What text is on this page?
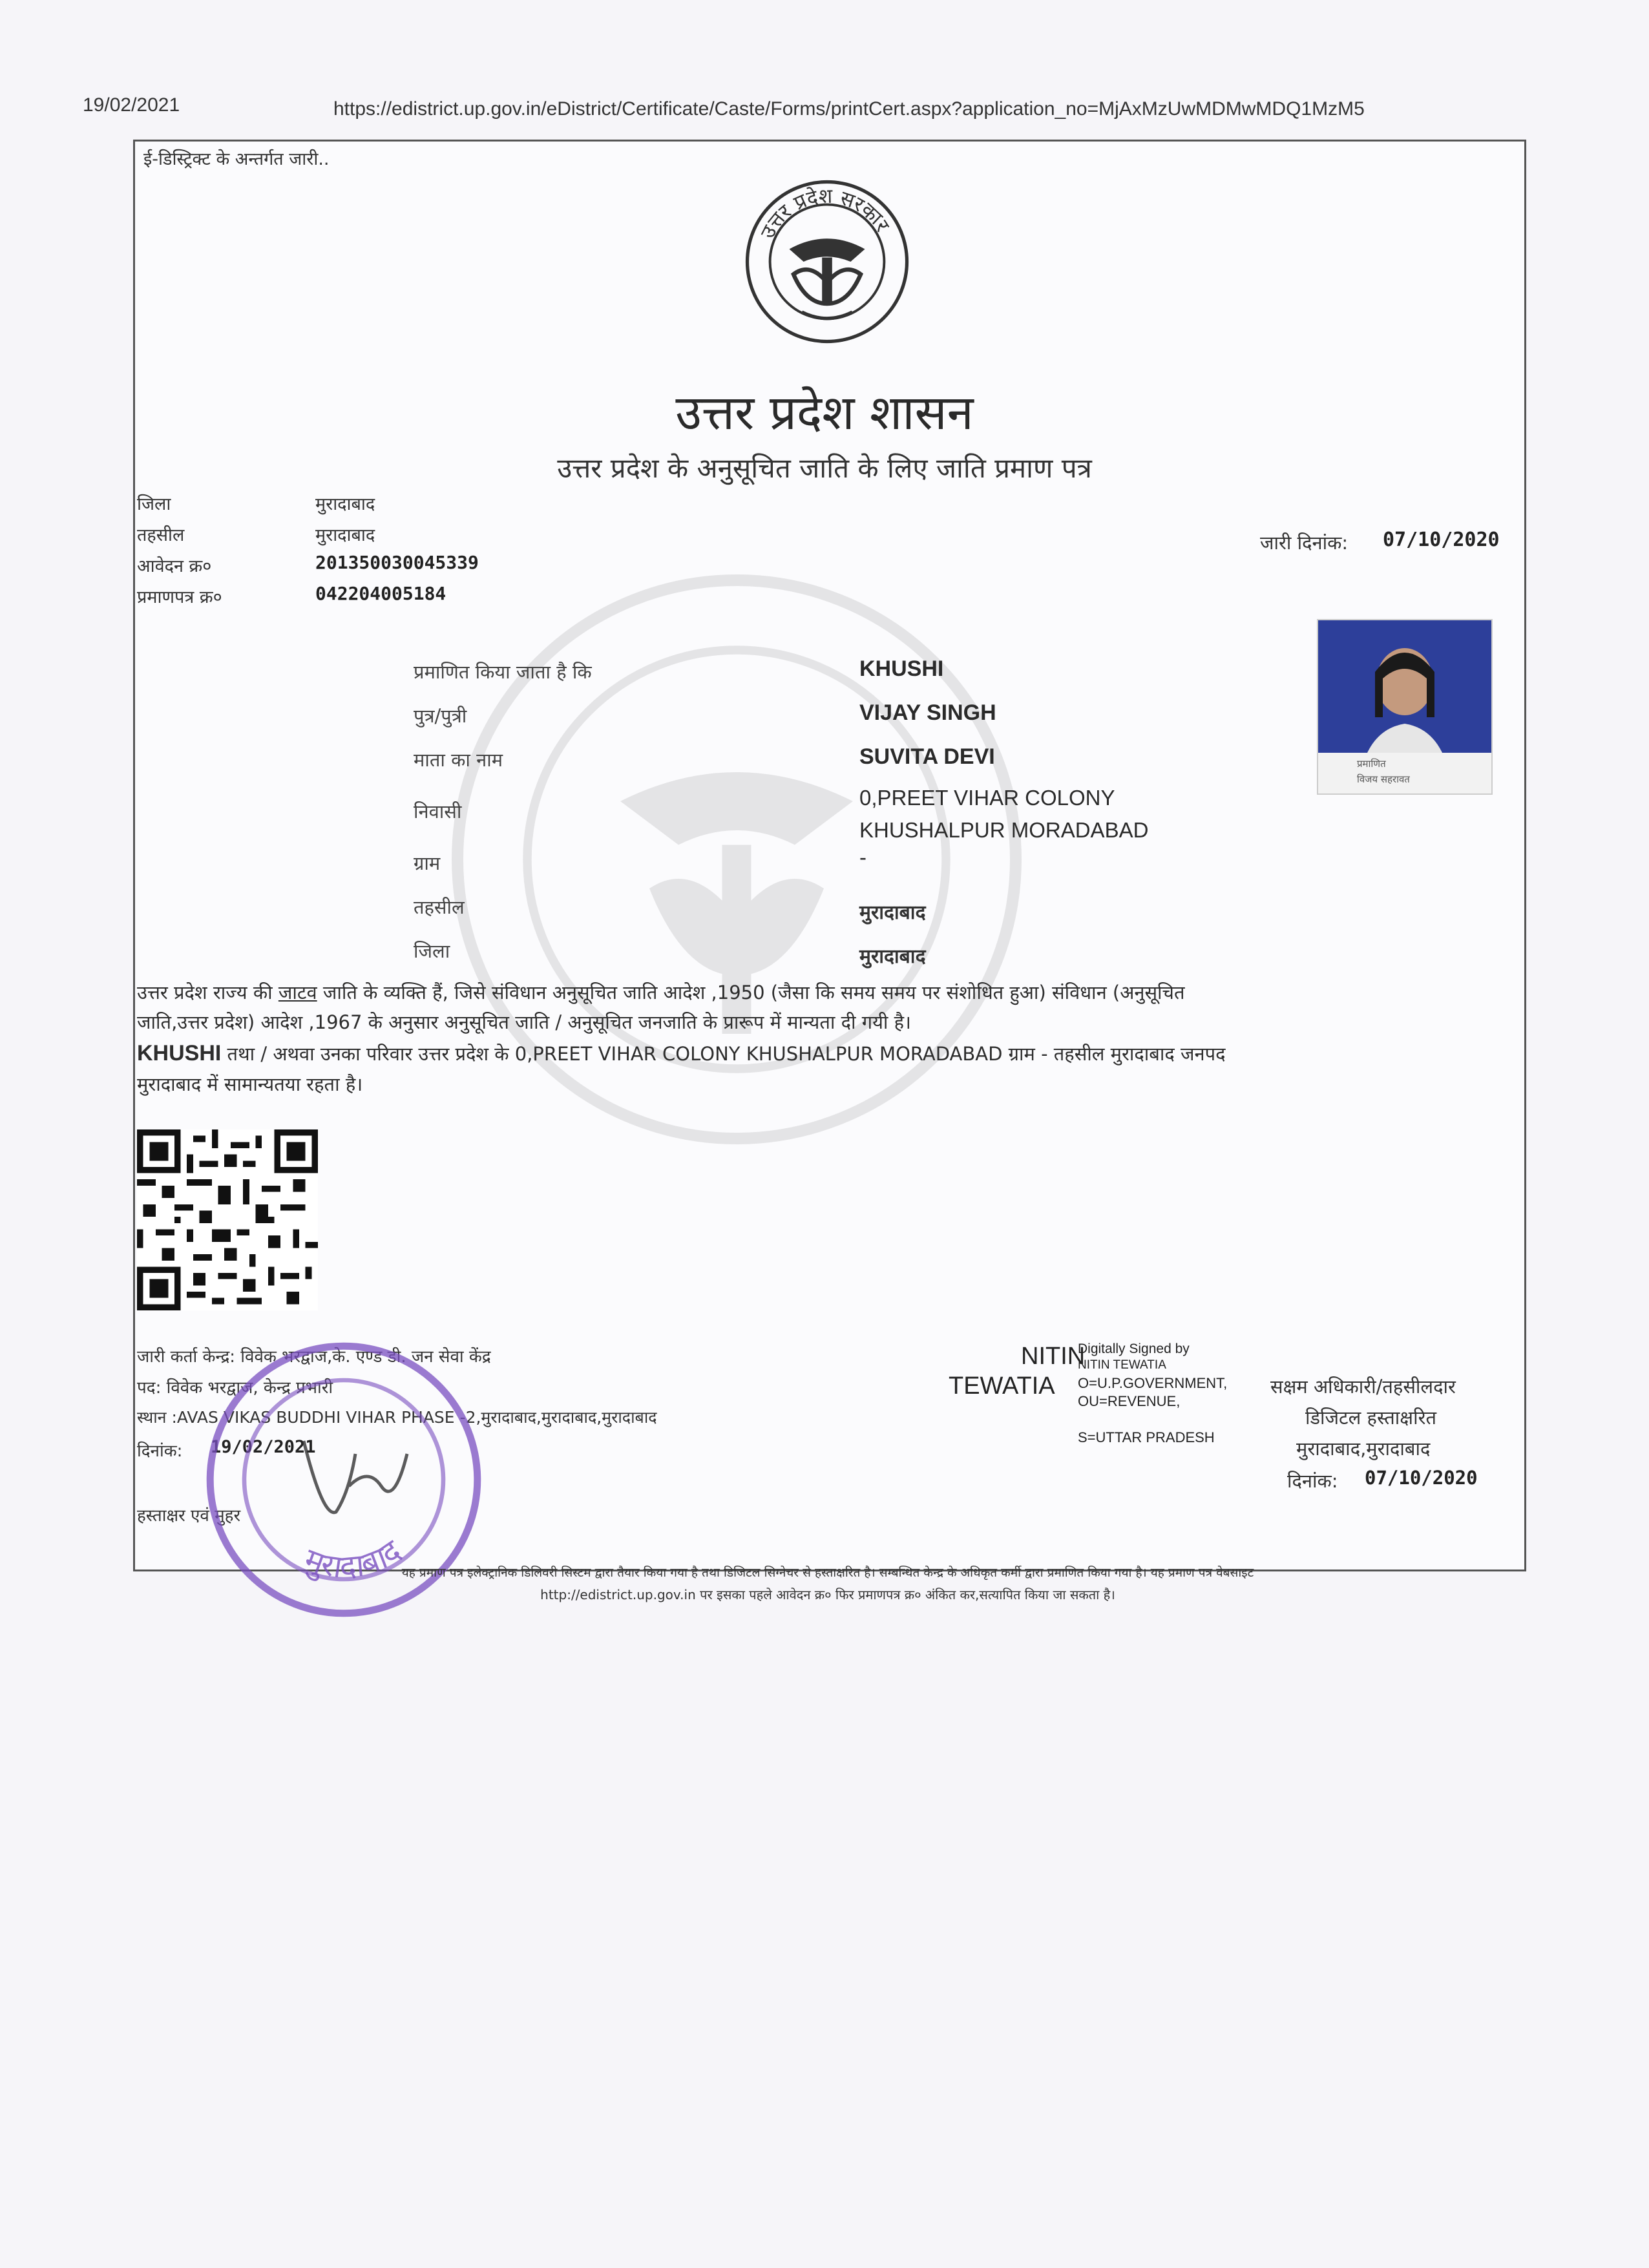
19/02/2021	https://edistrict.up.gov.in/eDistrict/Certificate/Caste/Forms/printCert.aspx?application_no=MjAxMzUwMDMwMDQ1MzM5
ई-डिस्ट्रिक्ट के अन्तर्गत जारी..
उत्तर प्रदेश सरकार
उत्तर प्रदेश शासन
उत्तर प्रदेश के अनुसूचित जाति के लिए जाति प्रमाण पत्र
जिला	मुरादाबाद
तहसील	मुरादाबाद
आवेदन क्र०	201350030045339
प्रमाणपत्र क्र०	042204005184
जारी दिनांक: 07/10/2020
प्रमाणित
विजय सहरावत
प्रमाणित किया जाता है कि	KHUSHI
पुत्र/पुत्री	VIJAY SINGH
माता का नाम	SUVITA DEVI
निवासी
0,PREET VIHAR COLONY
KHUSHALPUR MORADABAD
ग्राम	-
तहसील	मुरादाबाद
जिला	मुरादाबाद
उत्तर प्रदेश राज्य की जाटव जाति के व्यक्ति हैं, जिसे संविधान अनुसूचित जाति आदेश ,1950 (जैसा कि समय समय पर संशोधित हुआ) संविधान (अनुसूचित
जाति,उत्तर प्रदेश) आदेश ,1967 के अनुसार अनुसूचित जाति / अनुसूचित जनजाति के प्रारूप में मान्यता दी गयी है।
KHUSHI तथा / अथवा उनका परिवार उत्तर प्रदेश के 0,PREET VIHAR COLONY KHUSHALPUR MORADABAD ग्राम - तहसील मुरादाबाद जनपद
मुरादाबाद में सामान्यतया रहता है।
जारी कर्ता केन्द्र: विवेक भरद्वाज,के. एण्ड डी. जन सेवा केंद्र
पद: विवेक भरद्वाज, केन्द्र प्रभारी
स्थान :AVAS VIKAS BUDDHI VIHAR PHASE -2,मुरादाबाद,मुरादाबाद,मुरादाबाद
दिनांक: 19/02/2021
हस्ताक्षर एवं मुहर
मुरादाबाद
NITIN
TEWATIA
Digitally Signed by
NITIN TEWATIA
O=U.P.GOVERNMENT,
OU=REVENUE,
S=UTTAR PRADESH
सक्षम अधिकारी/तहसीलदार
डिजिटल हस्ताक्षरित
मुरादाबाद,मुरादाबाद
दिनांक: 07/10/2020
यह प्रमाण पत्र इलेक्ट्रानिक डिलिवरी सिस्टम द्वारा तैयार किया गया है तथा डिजिटल सिग्नेचर से हस्ताक्षरित है। सम्बन्धित केन्द्र के अधिकृत कर्मी द्वारा प्रमाणित किया गया है। यह प्रमाण पत्र वेबसाइट
http://edistrict.up.gov.in पर इसका पहले आवेदन क्र० फिर प्रमाणपत्र क्र० अंकित कर,सत्यापित किया जा सकता है।
